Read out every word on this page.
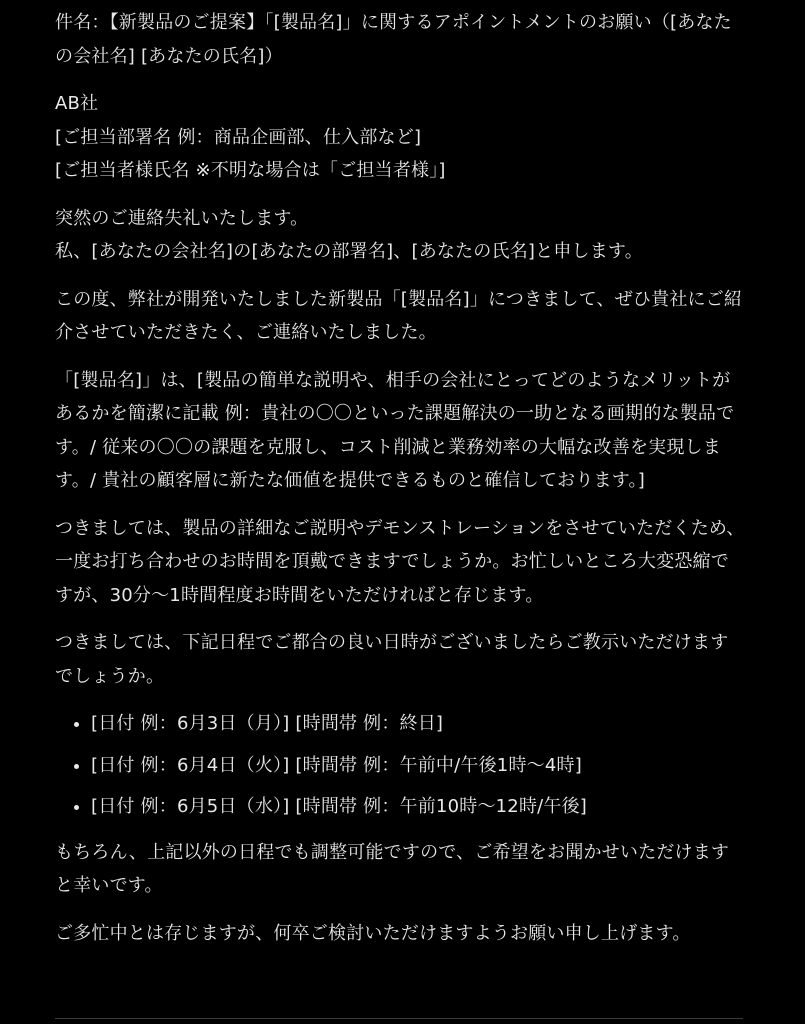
件名：【新製品のご提案】「[製品名]」に関するアポイントメントのお願い（[あなたの会社名] [あなたの氏名]）

AB社
[ご担当部署名 例：商品企画部、仕入部など]
[ご担当者様氏名 ※不明な場合は「ご担当者様」]

突然のご連絡失礼いたします。
私、[あなたの会社名]の[あなたの部署名]、[あなたの氏名]と申します。

この度、弊社が開発いたしました新製品「[製品名]」につきまして、ぜひ貴社にご紹介させていただきたく、ご連絡いたしました。

「[製品名]」は、[製品の簡単な説明や、相手の会社にとってどのようなメリットがあるかを簡潔に記載 例：貴社の〇〇といった課題解決の一助となる画期的な製品です。/ 従来の〇〇の課題を克服し、コスト削減と業務効率の大幅な改善を実現します。/ 貴社の顧客層に新たな価値を提供できるものと確信しております。]

つきましては、製品の詳細なご説明やデモンストレーションをさせていただくため、一度お打ち合わせのお時間を頂戴できますでしょうか。お忙しいところ大変恐縮ですが、30分〜1時間程度お時間をいただければと存じます。

つきましては、下記日程でご都合の良い日時がございましたらご教示いただけますでしょうか。

• [日付 例：6月3日（月）] [時間帯 例：終日]
• [日付 例：6月4日（火）] [時間帯 例：午前中/午後1時〜4時]
• [日付 例：6月5日（水）] [時間帯 例：午前10時〜12時/午後]

もちろん、上記以外の日程でも調整可能ですので、ご希望をお聞かせいただけますと幸いです。

ご多忙中とは存じますが、何卒ご検討いただけますようお願い申し上げます。
